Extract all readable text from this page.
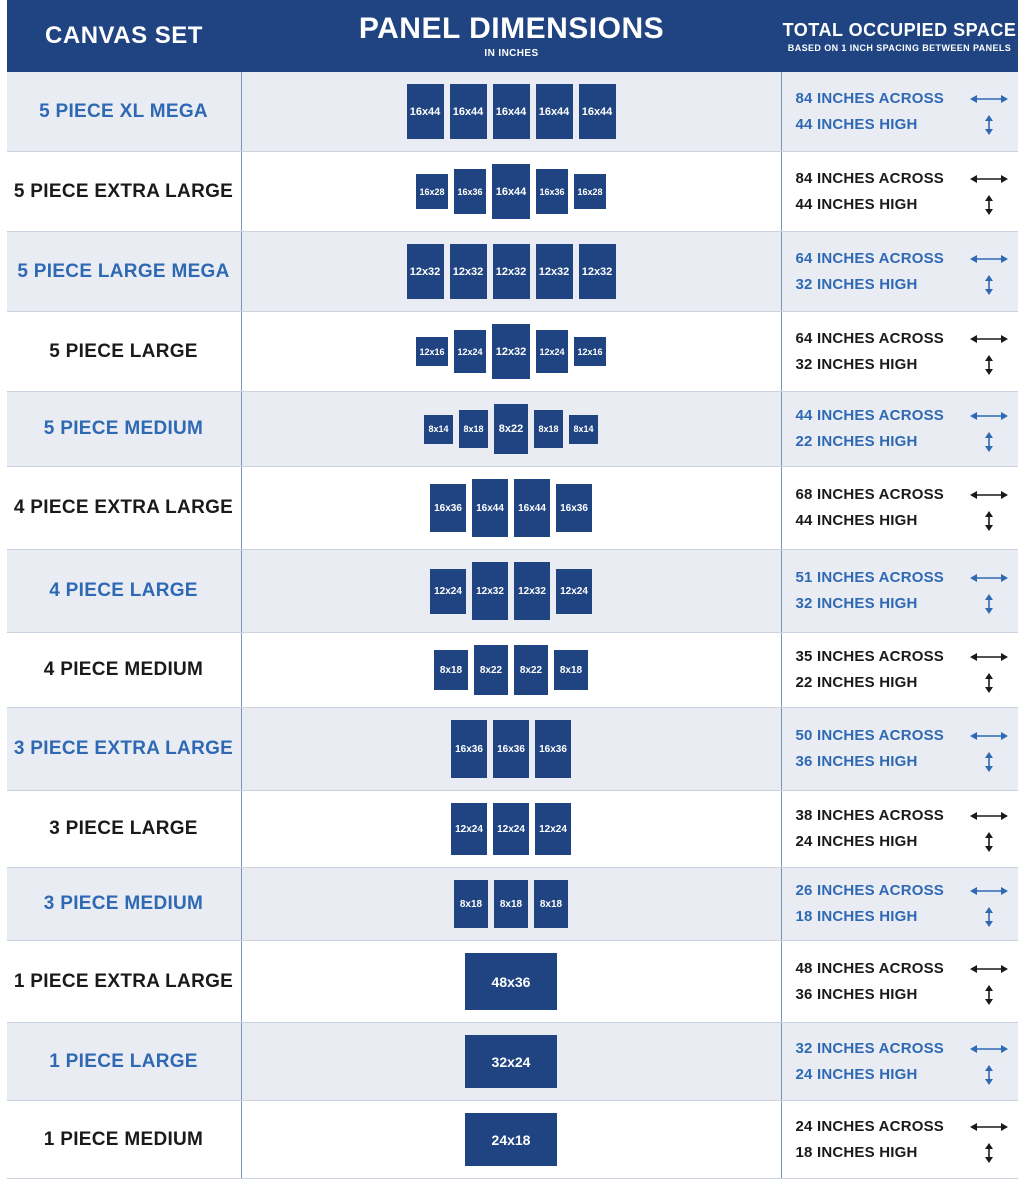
CANVAS SET	PANEL DIMENSIONS
IN INCHES
TOTAL OCCUPIED SPACE
BASED ON 1 INCH SPACING BETWEEN PANELS
5 PIECE XL MEGA	16x44 16x44 16x44 16x44 16x44
84 INCHES ACROSS
44 INCHES HIGH
5 PIECE EXTRA LARGE	16x28	16x36	16x44	16x36	16x28
84 INCHES ACROSS
44 INCHES HIGH
5 PIECE LARGE MEGA	12x32 12x32 12x32 12x32 12x32
64 INCHES ACROSS
32 INCHES HIGH
5 PIECE LARGE	12x16	12x24	12x32	12x24	12x16
64 INCHES ACROSS
32 INCHES HIGH
5 PIECE MEDIUM	8x14	8x18	8x22	8x18	8x14
44 INCHES ACROSS
22 INCHES HIGH
4 PIECE EXTRA LARGE	16x36	16x44	16x44	16x36
68 INCHES ACROSS
44 INCHES HIGH
4 PIECE LARGE	12x24	12x32	12x32	12x24
51 INCHES ACROSS
32 INCHES HIGH
4 PIECE MEDIUM	8x18	8x22	8x22	8x18
35 INCHES ACROSS
22 INCHES HIGH
3 PIECE EXTRA LARGE	16x36	16x36	16x36
50 INCHES ACROSS
36 INCHES HIGH
3 PIECE LARGE	12x24	12x24	12x24
38 INCHES ACROSS
24 INCHES HIGH
3 PIECE MEDIUM	8x18	8x18	8x18
26 INCHES ACROSS
18 INCHES HIGH
1 PIECE EXTRA LARGE	48x36
48 INCHES ACROSS
36 INCHES HIGH
1 PIECE LARGE	32x24
32 INCHES ACROSS
24 INCHES HIGH
1 PIECE MEDIUM	24x18
24 INCHES ACROSS
18 INCHES HIGH
